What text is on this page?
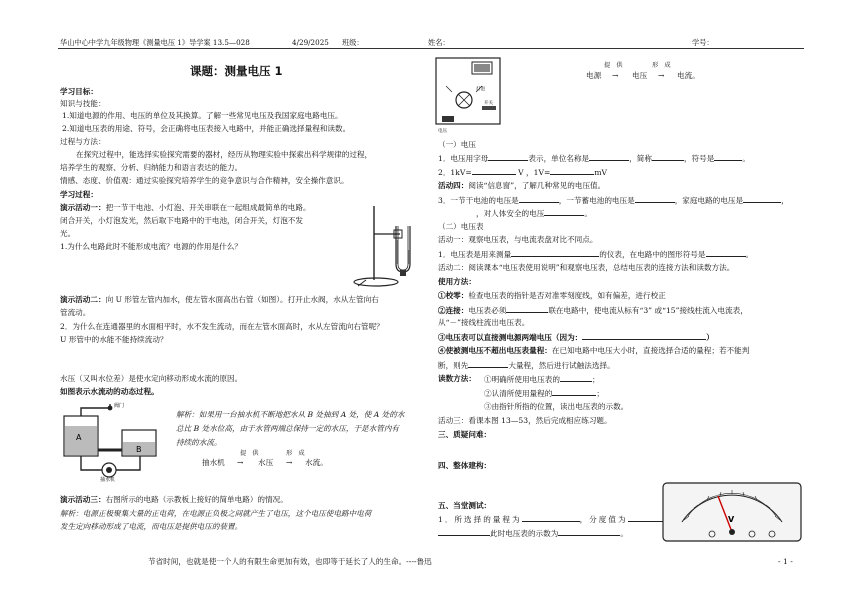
华山中心中学九年级物理《测量电压 1》导学案 13.5—028	4/29/2025 班级：	姓名：	学号：
课题：测量电压 1
学习目标：
知识与技能：
1.知道电源的作用、电压的单位及其换算。了解一些常见电压及我国家庭电路电压。
2.知道电压表的用途、符号，会正确将电压表接入电路中，并能正确选择量程和读数。
过程与方法：
在探究过程中，能选择实验探究需要的器材，经历从物理实验中探索出科学规律的过程，
培养学生的观察、分析、归纳能力和语言表达的能力。
情感、态度、价值观：通过实验探究培养学生的竞争意识与合作精神，安全操作意识。
学习过程：
演示活动一：把一节干电池、小灯泡、开关串联在一起组成最简单的电路。
闭合开关，小灯泡发光，然后取下电路中的干电池，闭合开关，灯泡不发
光。
1.为什么电路此时不能形成电流？电源的作用是什么？
演示活动二：向 U 形管左管内加水，使左管水面高出右管（如图）。打开止水阀，水从左管向右
管流动。
2．为什么在连通器里的水面相平时，水不发生流动，而在左管水面高时，水从左管流向右管呢？
U 形管中的水能不能持续流动？
水压（又叫水位差）是使水定向移动形成水流的原因。
如图表示水流动的动态过程。
A
B
阀门
抽水机
解析：如果用一台抽水机不断地把水从 B 处抽到 A 处，使 A 处的水
总比 B 处水位高，由于水管两端总保持一定的水压，于是水管内有
持续的水流。
提　供	形　成
抽水机 → 水压 → 水流。
演示活动三：右图所示的电路（示教板上接好的简单电路）的情况。
解析：电源正极聚集大量的正电荷，在电源正负极之间就产生了电压，这个电压使电路中电荷
发生定向移动形成了电流，而电压是提供电压的装置。
开关
灯泡
电压
提　供	形　成
电源 → 电压 → 电流。
（一）电压
1．电压用字母	表示，单位名称是	，简称	，符号是	。
2．1kV=	V ，1V=	mV
活动四：阅读“信息窗”，了解几种常见的电压值。
3．一节干电池的电压是	，一节蓄电池的电压是	，家庭电路的电压是	，
，对人体安全的电压	。
（二）电压表
活动一：观察电压表，与电流表盘对比不同点。
1．电压表是用来测量	的仪表，在电路中的图形符号是	。
活动二：阅读课本“电压表使用说明”和观察电压表，总结电压表的连接方法和读数方法。
使用方法：
①校零：检查电压表的指针是否对准零刻度线，如有偏差，进行校正
②连接：电压表必须	联在电路中，使电流从标有“3” 或“15”接线柱流入电流表，
从“－”接线柱流出电压表。
③电压表可以直接测电源两端电压（因为：	）
④使被测电压不超出电压表量程：在已知电路中电压大小时，直接选择合适的量程；若不能判
断，则先	大量程，然后进行试触法选择。
读数方法： ①明确所使用电压表的	；
②认清所使用量程的	；
③由指针所指的位置，读出电压表的示数。
活动三：看课本图 13—53，然后完成相应练习题。
三、质疑问难：
四、整体建构：
五、当堂测试：
1．所选择的量程为	，分度值为
此时电压表的示数为	。
V
节省时间，也就是使一个人的有限生命更加有效，也即等于延长了人的生命。----鲁迅	- 1 -
